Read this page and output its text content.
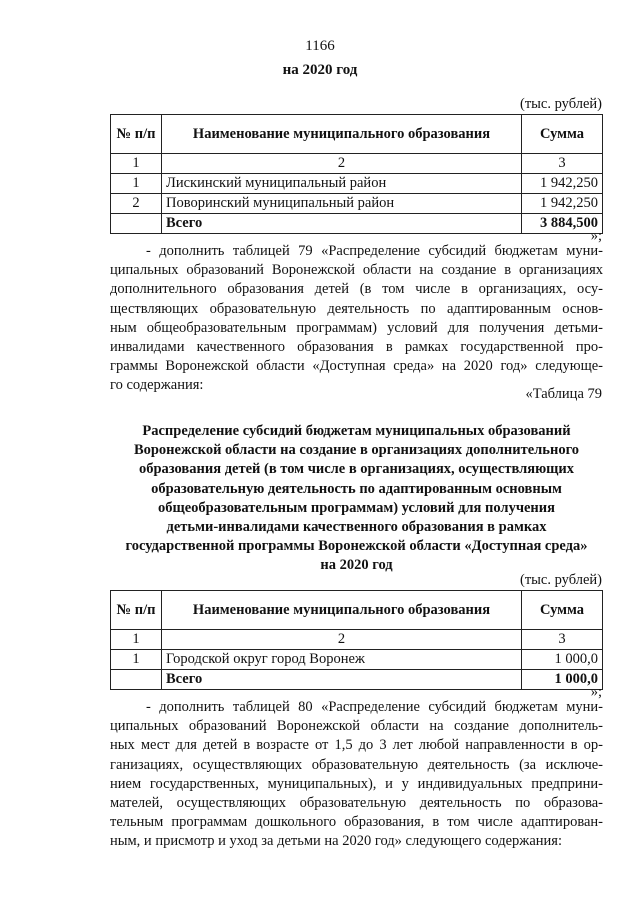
1166
на 2020 год
(тыс. рублей)
№ п/п	Наименование муниципального образования	Сумма
1	2	3
1	Лискинский муниципальный район	1 942,250
2	Поворинский муниципальный район	1 942,250
	Всего	3 884,500
»;
- дополнить таблицей 79 «Распределение субсидий бюджетам муни-
ципальных образований Воронежской области на создание в организациях
дополнительного образования детей (в том числе в организациях, осу-
ществляющих образовательную деятельность по адаптированным основ-
ным общеобразовательным программам) условий для получения детьми-
инвалидами качественного образования в рамках государственной про-
граммы Воронежской области «Доступная среда» на 2020 год» следующе-
го содержания:
«Таблица 79
Распределение субсидий бюджетам муниципальных образований
Воронежской области на создание в организациях дополнительного
образования детей (в том числе в организациях, осуществляющих
образовательную деятельность по адаптированным основным
общеобразовательным программам) условий для получения
детьми-инвалидами качественного образования в рамках
государственной программы Воронежской области «Доступная среда»
на 2020 год
(тыс. рублей)
№ п/п	Наименование муниципального образования	Сумма
1	2	3
1	Городской округ город Воронеж	1 000,0
	Всего	1 000,0
»;
- дополнить таблицей 80 «Распределение субсидий бюджетам муни-
ципальных образований Воронежской области на создание дополнитель-
ных мест для детей в возрасте от 1,5 до 3 лет любой направленности в ор-
ганизациях, осуществляющих образовательную деятельность (за исключе-
нием государственных, муниципальных), и у индивидуальных предприни-
мателей, осуществляющих образовательную деятельность по образова-
тельным программам дошкольного образования, в том числе адаптирован-
ным, и присмотр и уход за детьми на 2020 год» следующего содержания:
